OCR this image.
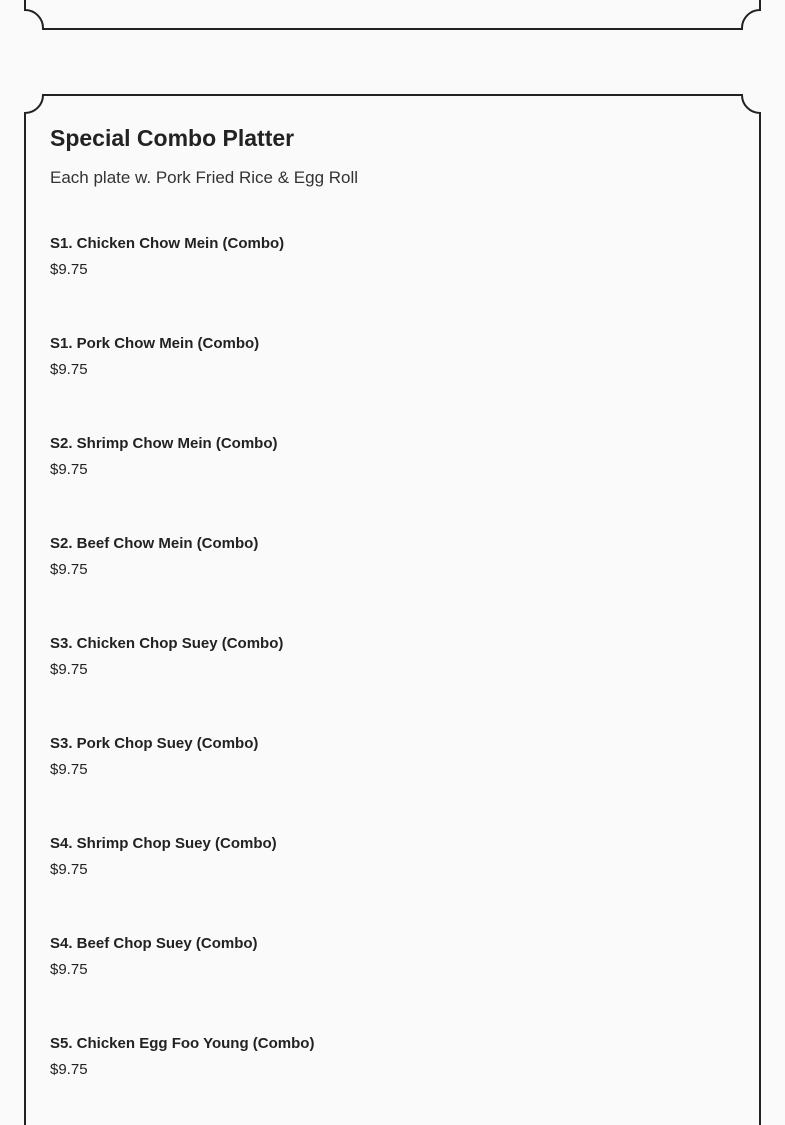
Special Combo Platter
Each plate w. Pork Fried Rice & Egg Roll
S1. Chicken Chow Mein (Combo)
$9.75
S1. Pork Chow Mein (Combo)
$9.75
S2. Shrimp Chow Mein (Combo)
$9.75
S2. Beef Chow Mein (Combo)
$9.75
S3. Chicken Chop Suey (Combo)
$9.75
S3. Pork Chop Suey (Combo)
$9.75
S4. Shrimp Chop Suey (Combo)
$9.75
S4. Beef Chop Suey (Combo)
$9.75
S5. Chicken Egg Foo Young (Combo)
$9.75
